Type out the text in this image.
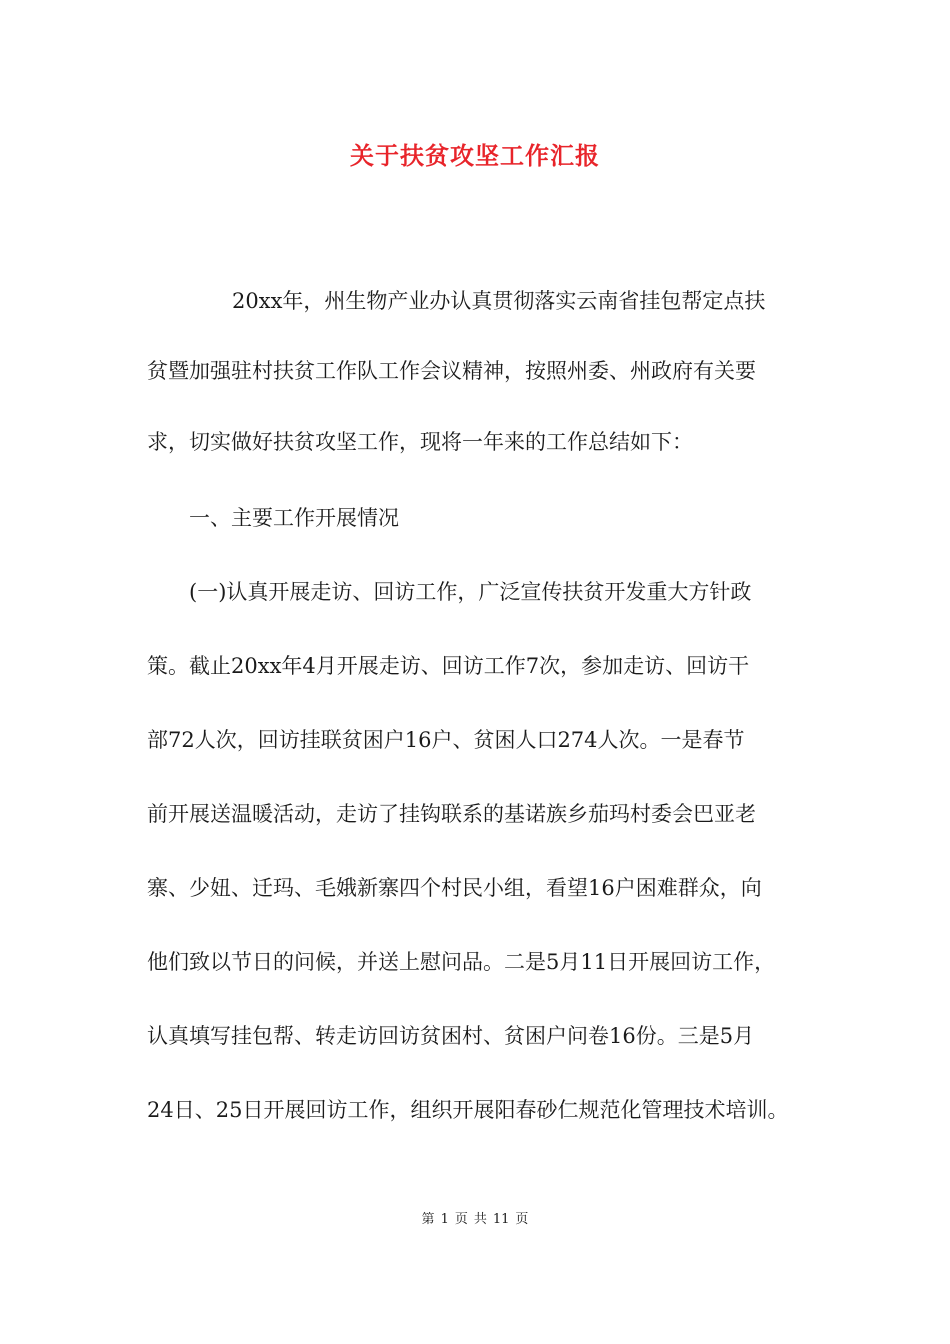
关于扶贫攻坚工作汇报
20xx年，州生物产业办认真贯彻落实云南省挂包帮定点扶
贫暨加强驻村扶贫工作队工作会议精神，按照州委、州政府有关要
求，切实做好扶贫攻坚工作，现将一年来的工作总结如下：
一、主要工作开展情况
(一)认真开展走访、回访工作，广泛宣传扶贫开发重大方针政
策。截止20xx年4月开展走访、回访工作7次，参加走访、回访干
部72人次，回访挂联贫困户16户、贫困人口274人次。一是春节
前开展送温暖活动，走访了挂钩联系的基诺族乡茄玛村委会巴亚老
寨、少妞、迁玛、毛娥新寨四个村民小组，看望16户困难群众，向
他们致以节日的问候，并送上慰问品。二是5月11日开展回访工作，
认真填写挂包帮、转走访回访贫困村、贫困户问卷16份。三是5月
24日、25日开展回访工作，组织开展阳春砂仁规范化管理技术培训。
第 1 页 共 11 页
